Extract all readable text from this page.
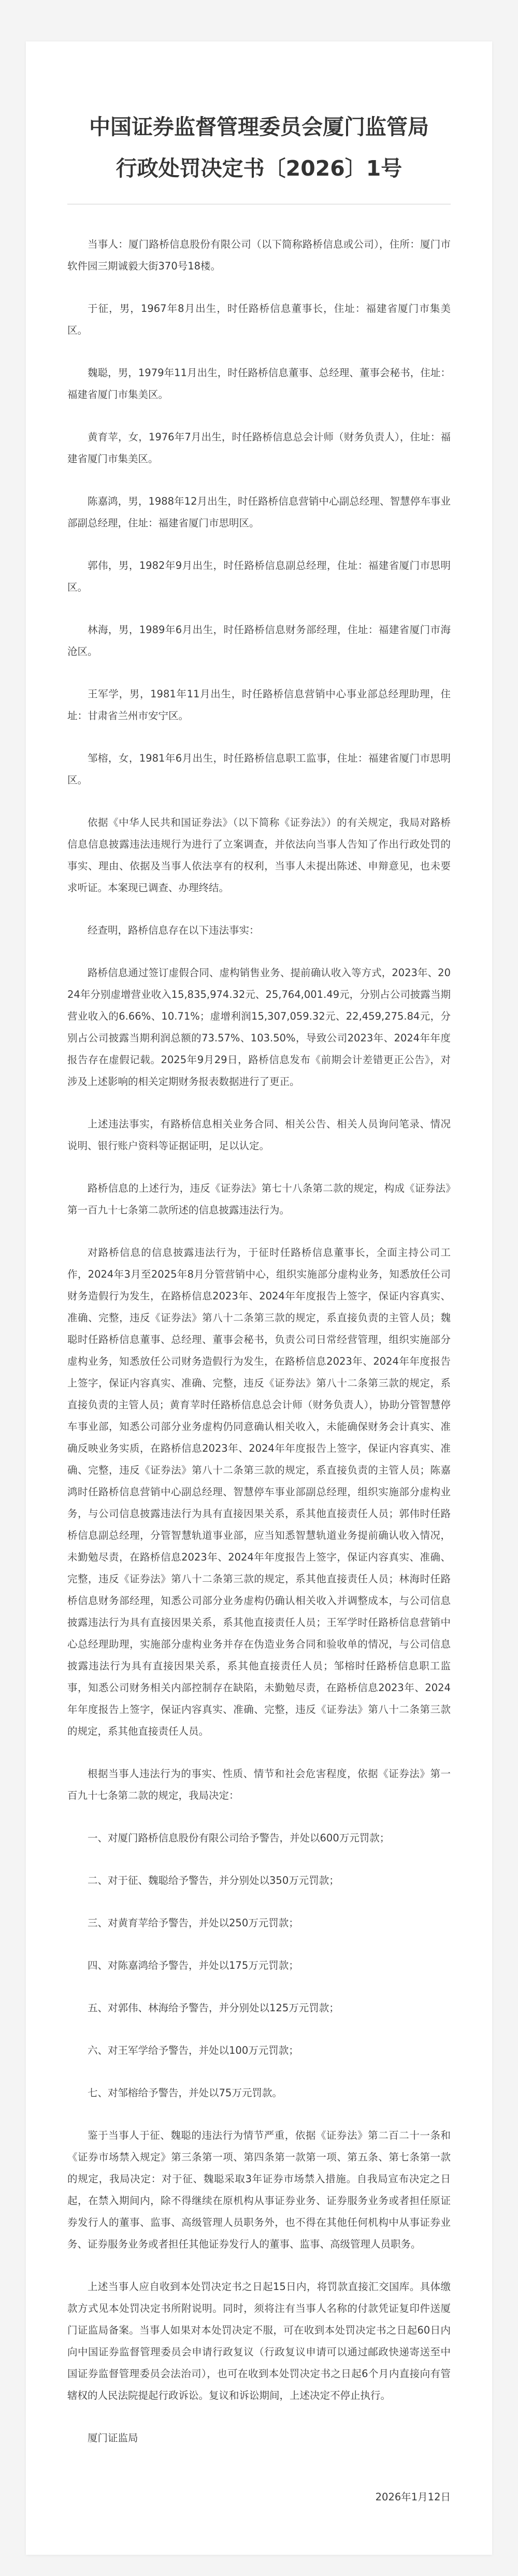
中国证券监督管理委员会厦门监管局
行政处罚决定书〔2026〕1号

当事人：厦门路桥信息股份有限公司（以下简称路桥信息或公司），住所：厦门市软件园三期诚毅大街370号18楼。

于征，男，1967年8月出生，时任路桥信息董事长，住址：福建省厦门市集美区。

魏聪，男，1979年11月出生，时任路桥信息董事、总经理、董事会秘书，住址：福建省厦门市集美区。

黄育苹，女，1976年7月出生，时任路桥信息总会计师（财务负责人），住址：福建省厦门市集美区。

陈嘉鸿，男，1988年12月出生，时任路桥信息营销中心副总经理、智慧停车事业部副总经理，住址：福建省厦门市思明区。

郭伟，男，1982年9月出生，时任路桥信息副总经理，住址：福建省厦门市思明区。

林海，男，1989年6月出生，时任路桥信息财务部经理，住址：福建省厦门市海沧区。

王军学，男，1981年11月出生，时任路桥信息营销中心事业部总经理助理，住址：甘肃省兰州市安宁区。

邹榕，女，1981年6月出生，时任路桥信息职工监事，住址：福建省厦门市思明区。

依据《中华人民共和国证券法》（以下简称《证券法》）的有关规定，我局对路桥信息信息披露违法违规行为进行了立案调查，并依法向当事人告知了作出行政处罚的事实、理由、依据及当事人依法享有的权利，当事人未提出陈述、申辩意见，也未要求听证。本案现已调查、办理终结。

经查明，路桥信息存在以下违法事实：

路桥信息通过签订虚假合同、虚构销售业务、提前确认收入等方式，2023年、2024年分别虚增营业收入15,835,974.32元、25,764,001.49元，分别占公司披露当期营业收入的6.66%、10.71%；虚增利润15,307,059.32元、22,459,275.84元，分别占公司披露当期利润总额的73.57%、103.50%，导致公司2023年、2024年年度报告存在虚假记载。2025年9月29日，路桥信息发布《前期会计差错更正公告》，对涉及上述影响的相关定期财务报表数据进行了更正。

上述违法事实，有路桥信息相关业务合同、相关公告、相关人员询问笔录、情况说明、银行账户资料等证据证明，足以认定。

路桥信息的上述行为，违反《证券法》第七十八条第二款的规定，构成《证券法》第一百九十七条第二款所述的信息披露违法行为。

对路桥信息的信息披露违法行为，于征时任路桥信息董事长，全面主持公司工作，2024年3月至2025年8月分管营销中心，组织实施部分虚构业务，知悉放任公司财务造假行为发生，在路桥信息2023年、2024年年度报告上签字，保证内容真实、准确、完整，违反《证券法》第八十二条第三款的规定，系直接负责的主管人员；魏聪时任路桥信息董事、总经理、董事会秘书，负责公司日常经营管理，组织实施部分虚构业务，知悉放任公司财务造假行为发生，在路桥信息2023年、2024年年度报告上签字，保证内容真实、准确、完整，违反《证券法》第八十二条第三款的规定，系直接负责的主管人员；黄育苹时任路桥信息总会计师（财务负责人），协助分管智慧停车事业部，知悉公司部分业务虚构仍同意确认相关收入，未能确保财务会计真实、准确反映业务实质，在路桥信息2023年、2024年年度报告上签字，保证内容真实、准确、完整，违反《证券法》第八十二条第三款的规定，系直接负责的主管人员；陈嘉鸿时任路桥信息营销中心副总经理、智慧停车事业部副总经理，组织实施部分虚构业务，与公司信息披露违法行为具有直接因果关系，系其他直接责任人员；郭伟时任路桥信息副总经理，分管智慧轨道事业部，应当知悉智慧轨道业务提前确认收入情况，未勤勉尽责，在路桥信息2023年、2024年年度报告上签字，保证内容真实、准确、完整，违反《证券法》第八十二条第三款的规定，系其他直接责任人员；林海时任路桥信息财务部经理，知悉公司部分业务虚构仍确认相关收入并调整成本，与公司信息披露违法行为具有直接因果关系，系其他直接责任人员；王军学时任路桥信息营销中心总经理助理，实施部分虚构业务并存在伪造业务合同和验收单的情况，与公司信息披露违法行为具有直接因果关系，系其他直接责任人员；邹榕时任路桥信息职工监事，知悉公司财务相关内部控制存在缺陷，未勤勉尽责，在路桥信息2023年、2024年年度报告上签字，保证内容真实、准确、完整，违反《证券法》第八十二条第三款的规定，系其他直接责任人员。

根据当事人违法行为的事实、性质、情节和社会危害程度，依据《证券法》第一百九十七条第二款的规定，我局决定：

一、对厦门路桥信息股份有限公司给予警告，并处以600万元罚款；

二、对于征、魏聪给予警告，并分别处以350万元罚款；

三、对黄育苹给予警告，并处以250万元罚款；

四、对陈嘉鸿给予警告，并处以175万元罚款；

五、对郭伟、林海给予警告，并分别处以125万元罚款；

六、对王军学给予警告，并处以100万元罚款；

七、对邹榕给予警告，并处以75万元罚款。

鉴于当事人于征、魏聪的违法行为情节严重，依据《证券法》第二百二十一条和《证券市场禁入规定》第三条第一项、第四条第一款第一项、第五条、第七条第一款的规定，我局决定：对于征、魏聪采取3年证券市场禁入措施。自我局宣布决定之日起，在禁入期间内，除不得继续在原机构从事证券业务、证券服务业务或者担任原证券发行人的董事、监事、高级管理人员职务外，也不得在其他任何机构中从事证券业务、证券服务业务或者担任其他证券发行人的董事、监事、高级管理人员职务。

上述当事人应自收到本处罚决定书之日起15日内，将罚款直接汇交国库。具体缴款方式见本处罚决定书所附说明。同时，须将注有当事人名称的付款凭证复印件送厦门证监局备案。当事人如果对本处罚决定不服，可在收到本处罚决定书之日起60日内向中国证券监督管理委员会申请行政复议（行政复议申请可以通过邮政快递寄送至中国证券监督管理委员会法治司），也可在收到本处罚决定书之日起6个月内直接向有管辖权的人民法院提起行政诉讼。复议和诉讼期间，上述决定不停止执行。

厦门证监局

2026年1月12日
